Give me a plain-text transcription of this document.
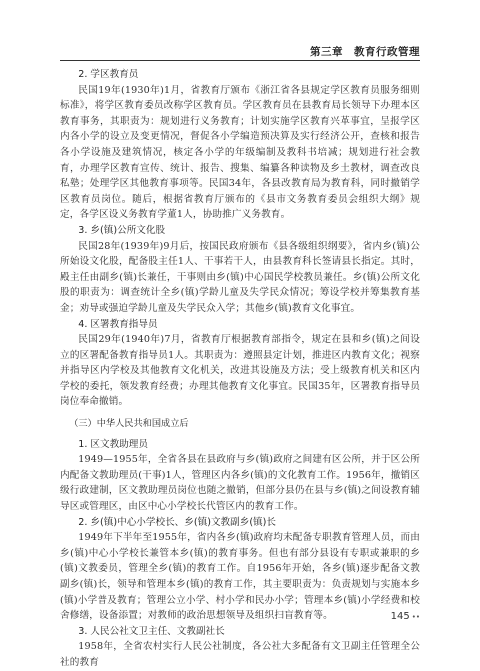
第三章　教育行政管理
2. 学区教育员

民国19年(1930年)1月，省教育厅颁布《浙江省各县规定学区教育员服务细则标准》，将学区教育委员改称学区教育员。学区教育员在县教育局长领导下办理本区教育事务，其职责为：规划进行义务教育；计划实施学区教育兴革事宜，呈报学区内各小学的设立及变更情况，督促各小学编造预决算及实行经济公开，查核和报告各小学设施及建筑情况，核定各小学的年级编制及教科书培减；规划进行社会教育，办理学区教育宣传、统计、报告、搜集、编纂各种读物及乡土教材，调查改良私塾；处理学区其他教育事项等。民国34年，各县改教育局为教育科，同时撤销学区教育员岗位。随后，根据省教育厅颁布的《县市文务教育委员会组织大纲》规定，各学区设义务教育学董1人，协助推广义务教育。

3. 乡(镇)公所文化股

民国28年(1939年)9月后，按国民政府颁布《县各级组织纲要》，省内乡(镇)公所始设文化股，配备股主任1人、干事若干人，由县教育科长签请县长指定。其时，殿主任由副乡(镇)长兼任，干事则由乡(镇)中心国民学校教员兼任。乡(镇)公所文化股的职责为：调查统计全乡(镇)学龄儿童及失学民众情况；筹设学校并筹集教育基金；劝导或强迫学龄儿童及失学民众入学；其他乡(镇)教育文化事宜。

4. 区署教育指导员

民国29年(1940年)7月，省教育厅根据教育部指令，规定在县和乡(镇)之间设立的区署配备教育指导员1人。其职责为：遵照县定计划，推进区内教育文化；视察并指导区内学校及其他教育文化机关，改进其设施及方法；受上级教育机关和区内学校的委托，领发教育经费；办理其他教育文化事宜。民国35年，区署教育指导员岗位奉命撤销。

（三）中华人民共和国成立后
1. 区文教助理员

1949—1955年，全省各县在县政府与乡(镇)政府之间建有区公所，并于区公所内配备文教助理员(干事)1人，管理区内各乡(镇)的文化教育工作。1956年，撤销区级行政建制，区文教助理员岗位也随之撤销，但部分县仍在县与乡(镇)之间设教育辅导区或管理区，由区中心小学校长代管区内的教育工作。

2. 乡(镇)中心小学校长、乡(镇)文教副乡(镇)长

1949年下半年至1955年，省内各乡(镇)政府均未配备专职教育管理人员，而由乡(镇)中心小学校长兼管本乡(镇)的教育事务。但也有部分县设有专职或兼职的乡(镇)文教委员，管理全乡(镇)的教育工作。自1956年开始，各乡(镇)逐步配备文教副乡(镇)长，领导和管理本乡(镇)的教育工作，其主要职责为：负责规划与实施本乡(镇)小学普及教育；管理公立小学、村小学和民办小学；管理本乡(镇)小学经费和校舍修缮，设备添置；对教师的政治思想领导及组织扫盲教育等。

3. 人民公社文卫主任、文教副社长

1958年，全省农村实行人民公社制度，各公社大多配备有文卫副主任管理全公社的教育

145 ••
